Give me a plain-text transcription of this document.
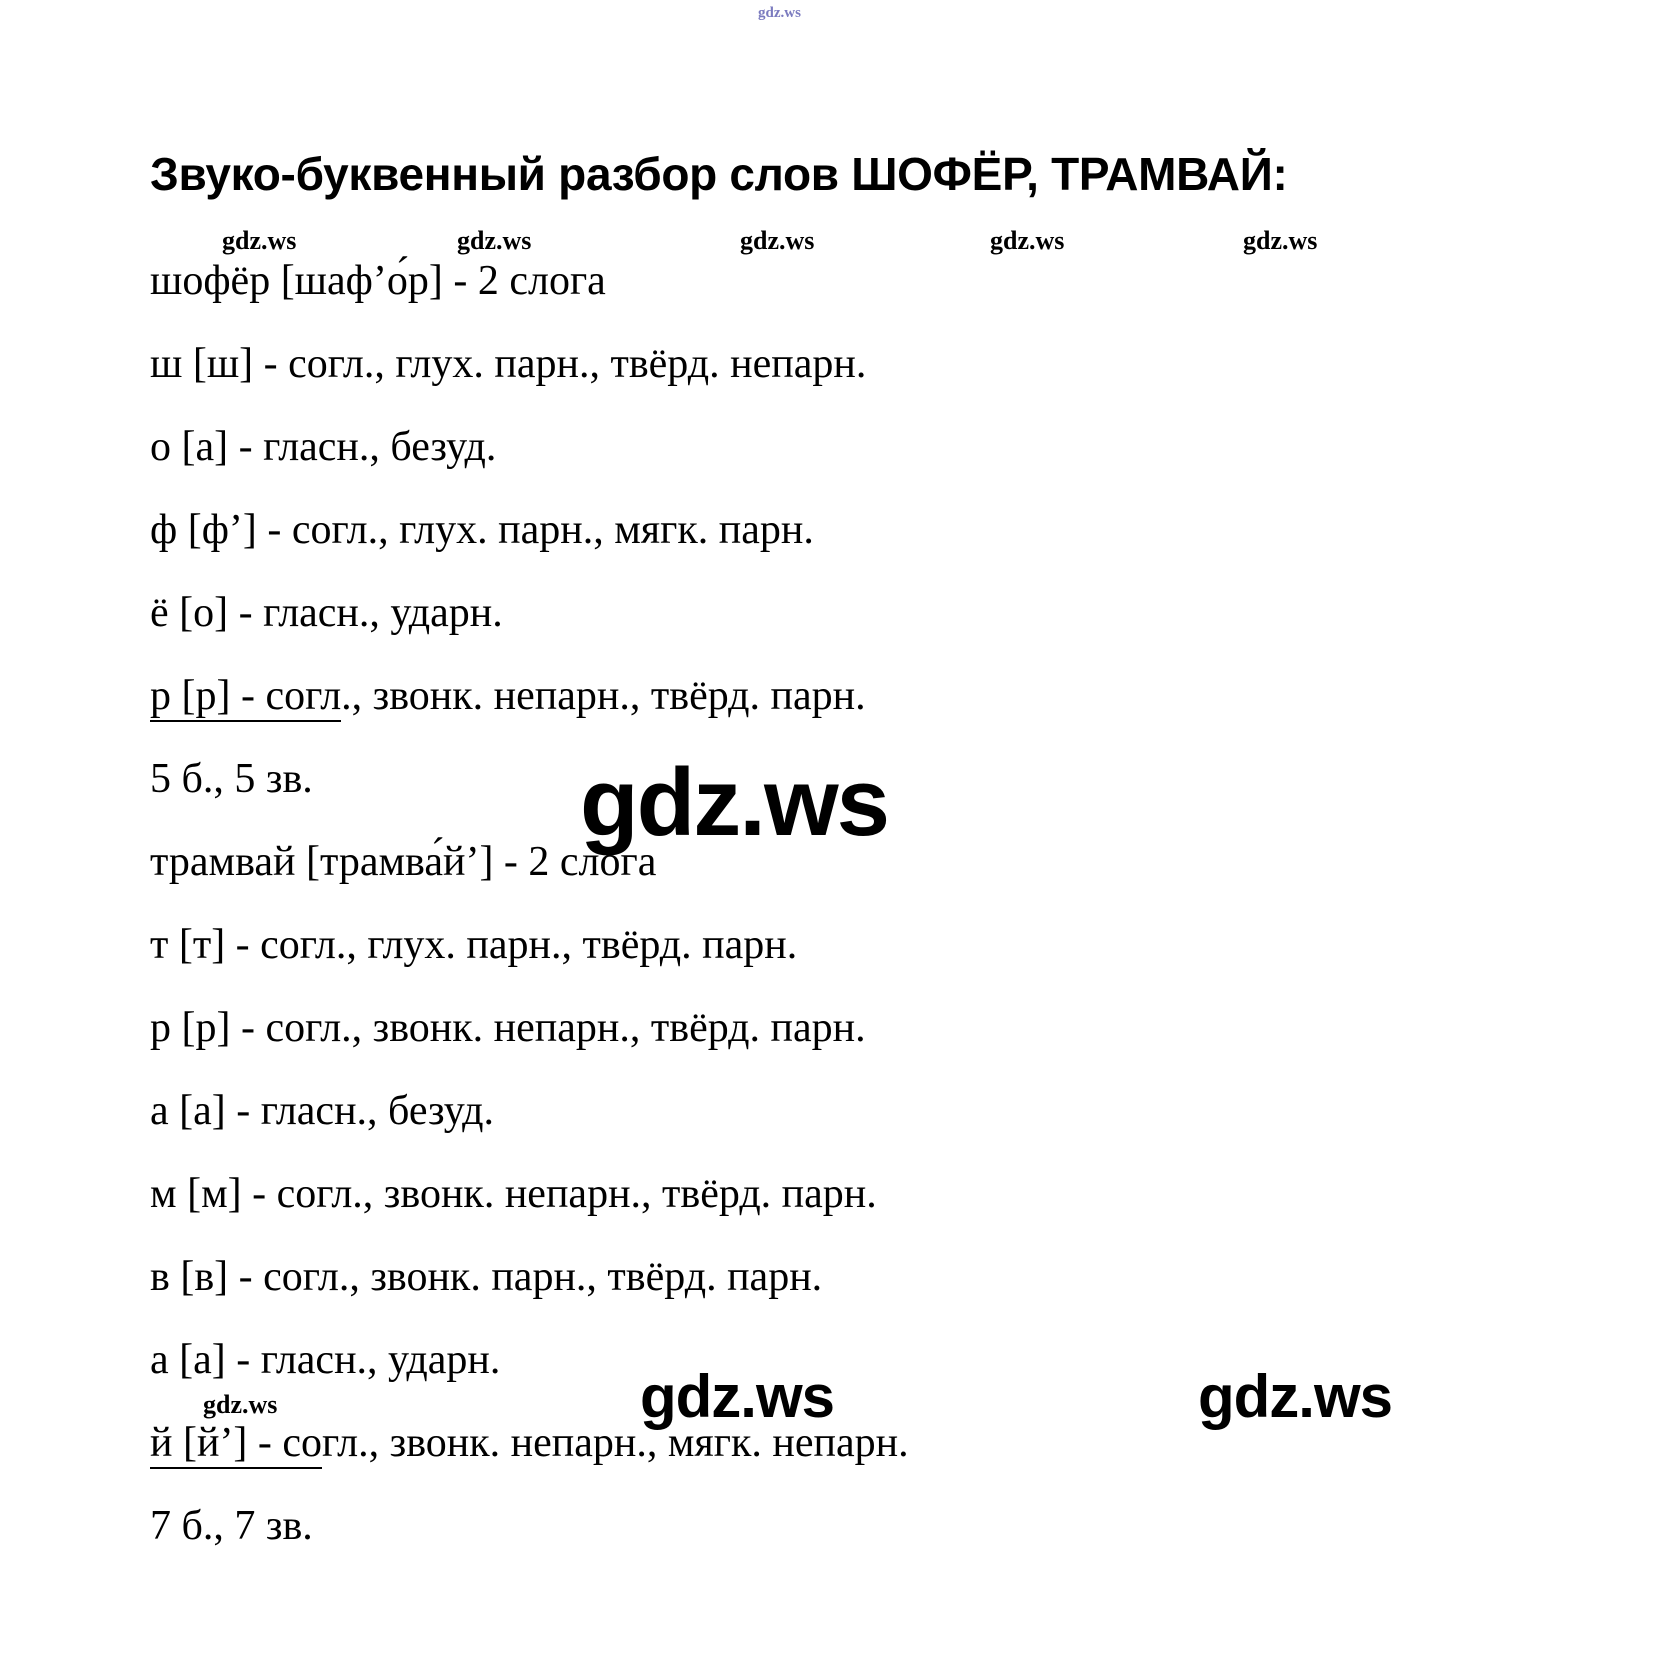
gdz.ws
gdz.ws	gdz.ws	gdz.ws	gdz.ws	gdz.ws
gdz.ws
gdz.ws	gdz.ws
gdz.ws
Звуко-буквенный разбор слов ШОФЁР, ТРАМВАЙ:
шофёр [шаф’о́р] - 2 слога
ш [ш] - согл., глух. парн., твёрд. непарн.
о [а] - гласн., безуд.
ф [ф’] - согл., глух. парн., мягк. парн.
ё [о] - гласн., ударн.
р [р] - согл., звонк. непарн., твёрд. парн.
5 б., 5 зв.
трамвай [трамва́й’] - 2 слога
т [т] - согл., глух. парн., твёрд. парн.
р [р] - согл., звонк. непарн., твёрд. парн.
а [а] - гласн., безуд.
м [м] - согл., звонк. непарн., твёрд. парн.
в [в] - согл., звонк. парн., твёрд. парн.
а [а] - гласн., ударн.
й [й’] - согл., звонк. непарн., мягк. непарн.
7 б., 7 зв.
